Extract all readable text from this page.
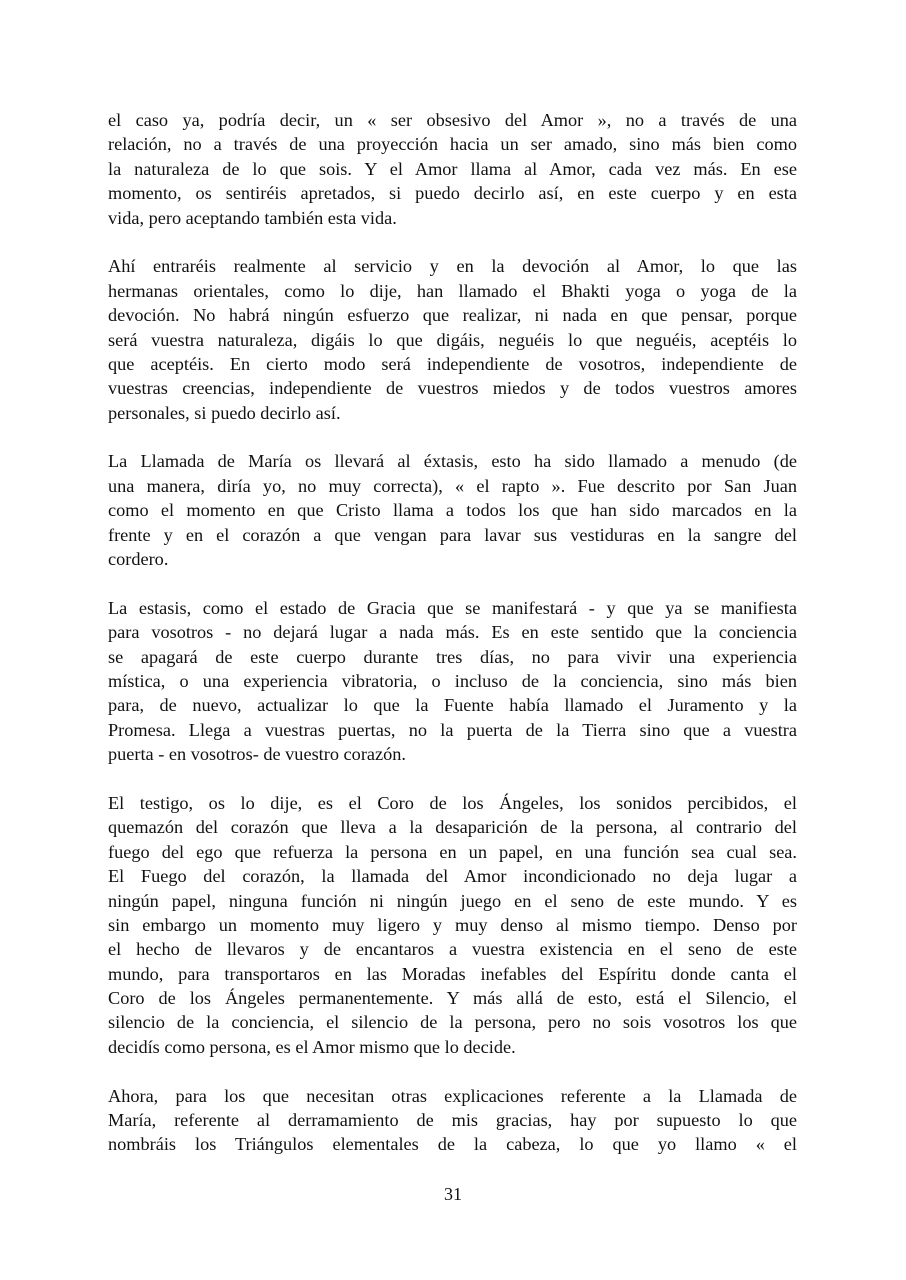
el caso ya, podría decir, un « ser obsesivo del Amor », no a través de una
relación, no a través de una proyección hacia un ser amado, sino más bien como
la naturaleza de lo que sois. Y el Amor llama al Amor, cada vez más. En ese
momento, os sentiréis apretados, si puedo decirlo así, en este cuerpo y en esta
vida, pero aceptando también esta vida.
Ahí entraréis realmente al servicio y en la devoción al Amor, lo que las
hermanas orientales, como lo dije, han llamado el Bhakti yoga o yoga de la
devoción. No habrá ningún esfuerzo que realizar, ni nada en que pensar, porque
será vuestra naturaleza, digáis lo que digáis, neguéis lo que neguéis, aceptéis lo
que aceptéis. En cierto modo será independiente de vosotros, independiente de
vuestras creencias, independiente de vuestros miedos y de todos vuestros amores
personales, si puedo decirlo así.
La Llamada de María os llevará al éxtasis, esto ha sido llamado a menudo (de
una manera, diría yo, no muy correcta), « el rapto ». Fue descrito por San Juan
como el momento en que Cristo llama a todos los que han sido marcados en la
frente y en el corazón a que vengan para lavar sus vestiduras en la sangre del
cordero.
La estasis, como el estado de Gracia que se manifestará - y que ya se manifiesta
para vosotros - no dejará lugar a nada más. Es en este sentido que la conciencia
se apagará de este cuerpo durante tres días, no para vivir una experiencia
mística, o una experiencia vibratoria, o incluso de la conciencia, sino más bien
para, de nuevo, actualizar lo que la Fuente había llamado el Juramento y la
Promesa. Llega a vuestras puertas, no la puerta de la Tierra sino que a vuestra
puerta - en vosotros- de vuestro corazón.
El testigo, os lo dije, es el Coro de los Ángeles, los sonidos percibidos, el
quemazón del corazón que lleva a la desaparición de la persona, al contrario del
fuego del ego que refuerza la persona en un papel, en una función sea cual sea.
El Fuego del corazón, la llamada del Amor incondicionado no deja lugar a
ningún papel, ninguna función ni ningún juego en el seno de este mundo. Y es
sin embargo un momento muy ligero y muy denso al mismo tiempo. Denso por
el hecho de llevaros y de encantaros a vuestra existencia en el seno de este
mundo, para transportaros en las Moradas inefables del Espíritu donde canta el
Coro de los Ángeles permanentemente. Y más allá de esto, está el Silencio, el
silencio de la conciencia, el silencio de la persona, pero no sois vosotros los que
decidís como persona, es el Amor mismo que lo decide.
Ahora, para los que necesitan otras explicaciones referente a la Llamada de
María, referente al derramamiento de mis gracias, hay por supuesto lo que
nombráis los Triángulos elementales de la cabeza, lo que yo llamo « el
31
